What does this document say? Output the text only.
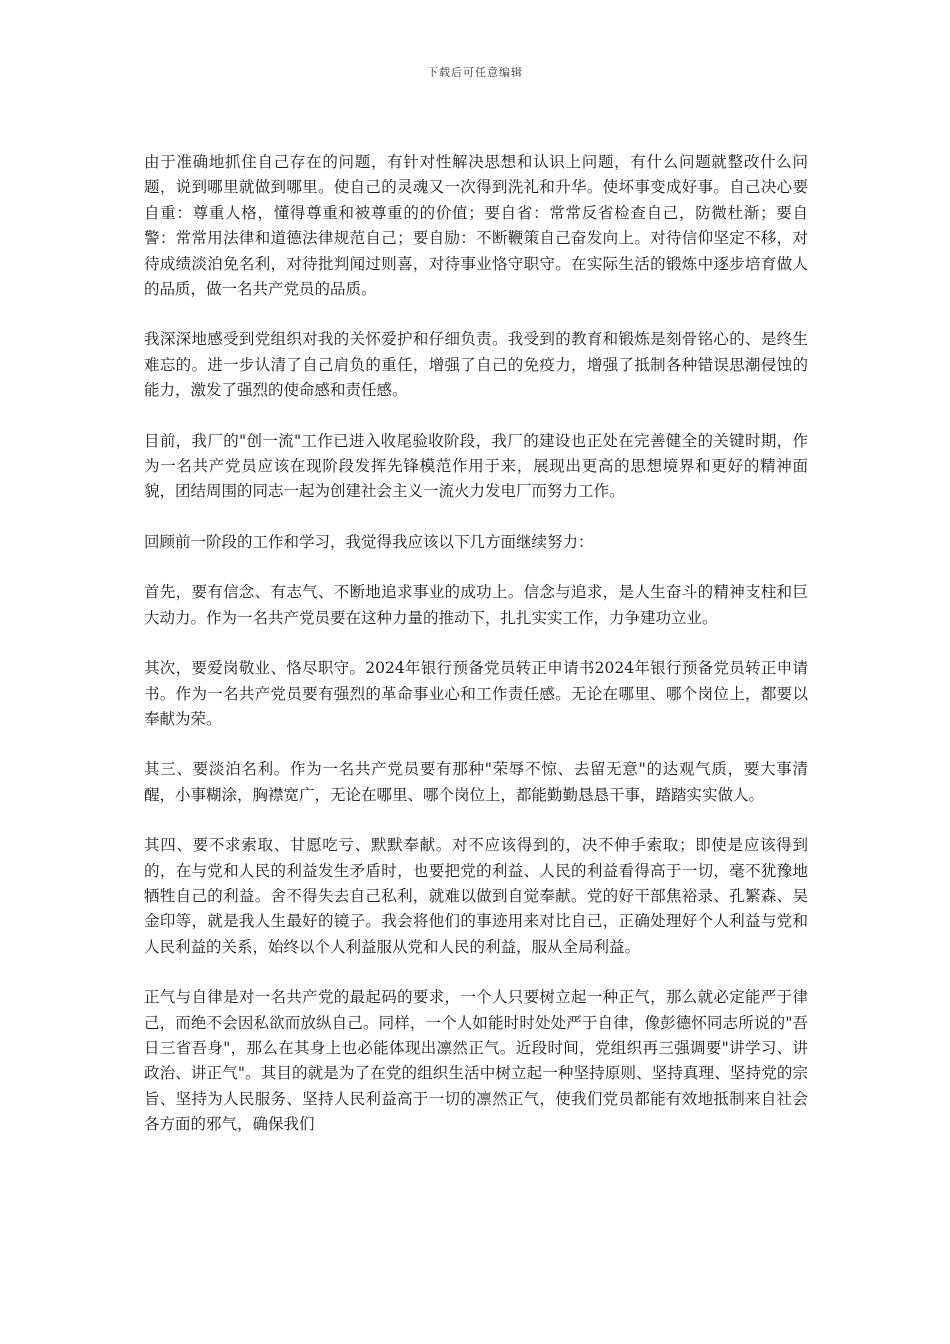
下载后可任意编辑

由于准确地抓住自己存在的问题，有针对性解决思想和认识上问题，有什么问题就整改什么问题，说到哪里就做到哪里。使自己的灵魂又一次得到洗礼和升华。使坏事变成好事。自己决心要自重：尊重人格，懂得尊重和被尊重的的价值；要自省：常常反省检查自己，防微杜渐；要自警：常常用法律和道德法律规范自己；要自励：不断鞭策自己奋发向上。对待信仰坚定不移，对待成绩淡泊免名利，对待批判闻过则喜，对待事业恪守职守。在实际生活的锻炼中逐步培育做人的品质，做一名共产党员的品质。

我深深地感受到党组织对我的关怀爱护和仔细负责。我受到的教育和锻炼是刻骨铭心的、是终生难忘的。进一步认清了自己肩负的重任，增强了自己的免疫力，增强了抵制各种错误思潮侵蚀的能力，激发了强烈的使命感和责任感。

目前，我厂的"创一流"工作已进入收尾验收阶段，我厂的建设也正处在完善健全的关键时期，作为一名共产党员应该在现阶段发挥先锋模范作用于来，展现出更高的思想境界和更好的精神面貌，团结周围的同志一起为创建社会主义一流火力发电厂而努力工作。

回顾前一阶段的工作和学习，我觉得我应该以下几方面继续努力：

首先，要有信念、有志气、不断地追求事业的成功上。信念与追求，是人生奋斗的精神支柱和巨大动力。作为一名共产党员要在这种力量的推动下，扎扎实实工作，力争建功立业。

其次，要爱岗敬业、恪尽职守。2024年银行预备党员转正申请书2024年银行预备党员转正申请书。作为一名共产党员要有强烈的革命事业心和工作责任感。无论在哪里、哪个岗位上，都要以奉献为荣。

其三、要淡泊名利。作为一名共产党员要有那种"荣辱不惊、去留无意"的达观气质，要大事清醒，小事糊涂，胸襟宽广，无论在哪里、哪个岗位上，都能勤勤恳恳干事，踏踏实实做人。

其四、要不求索取、甘愿吃亏、默默奉献。对不应该得到的，决不伸手索取；即使是应该得到的，在与党和人民的利益发生矛盾时，也要把党的利益、人民的利益看得高于一切，毫不犹豫地牺牲自己的利益。舍不得失去自己私利，就难以做到自觉奉献。党的好干部焦裕录、孔繁森、吴金印等，就是我人生最好的镜子。我会将他们的事迹用来对比自己，正确处理好个人利益与党和人民利益的关系，始终以个人利益服从党和人民的利益，服从全局利益。

正气与自律是对一名共产党的最起码的要求，一个人只要树立起一种正气，那么就必定能严于律己，而绝不会因私欲而放纵自己。同样，一个人如能时时处处严于自律，像彭德怀同志所说的"吾日三省吾身"，那么在其身上也必能体现出凛然正气。近段时间，党组织再三强调要"讲学习、讲政治、讲正气"。其目的就是为了在党的组织生活中树立起一种坚持原则、坚持真理、坚持党的宗旨、坚持为人民服务、坚持人民利益高于一切的凛然正气，使我们党员都能有效地抵制来自社会各方面的邪气，确保我们
